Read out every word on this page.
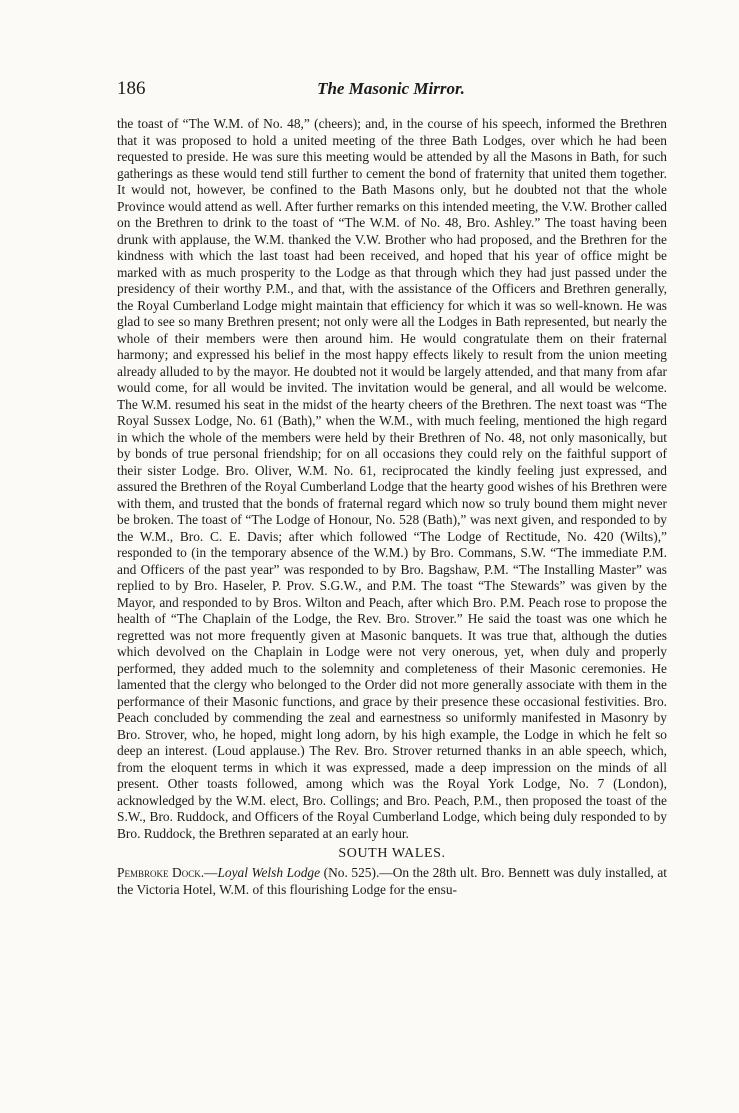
186	The Masonic Mirror.

the toast of “The W.M. of No. 48,” (cheers); and, in the course of his speech, informed the Brethren that it was proposed to hold a united meeting of the three Bath Lodges, over which he had been requested to preside. He was sure this meeting would be attended by all the Masons in Bath, for such gatherings as these would tend still further to cement the bond of fraternity that united them together. It would not, however, be confined to the Bath Masons only, but he doubted not that the whole Province would attend as well. After further remarks on this intended meeting, the V.W. Brother called on the Brethren to drink to the toast of “The W.M. of No. 48, Bro. Ashley.” The toast having been drunk with applause, the W.M. thanked the V.W. Brother who had proposed, and the Brethren for the kindness with which the last toast had been received, and hoped that his year of office might be marked with as much prosperity to the Lodge as that through which they had just passed under the presidency of their worthy P.M., and that, with the assistance of the Officers and Brethren generally, the Royal Cumberland Lodge might maintain that efficiency for which it was so well-known. He was glad to see so many Brethren present; not only were all the Lodges in Bath represented, but nearly the whole of their members were then around him. He would congratulate them on their fraternal harmony; and expressed his belief in the most happy effects likely to result from the union meeting already alluded to by the mayor. He doubted not it would be largely attended, and that many from afar would come, for all would be invited. The invitation would be general, and all would be welcome. The W.M. resumed his seat in the midst of the hearty cheers of the Brethren. The next toast was “The Royal Sussex Lodge, No. 61 (Bath),” when the W.M., with much feeling, mentioned the high regard in which the whole of the members were held by their Brethren of No. 48, not only masonically, but by bonds of true personal friendship; for on all occasions they could rely on the faithful support of their sister Lodge. Bro. Oliver, W.M. No. 61, reciprocated the kindly feeling just expressed, and assured the Brethren of the Royal Cumberland Lodge that the hearty good wishes of his Brethren were with them, and trusted that the bonds of fraternal regard which now so truly bound them might never be broken. The toast of “The Lodge of Honour, No. 528 (Bath),” was next given, and responded to by the W.M., Bro. C. E. Davis; after which followed “The Lodge of Rectitude, No. 420 (Wilts),” responded to (in the temporary absence of the W.M.) by Bro. Commans, S.W. “The immediate P.M. and Officers of the past year” was responded to by Bro. Bagshaw, P.M. “The Installing Master” was replied to by Bro. Haseler, P. Prov. S.G.W., and P.M. The toast “The Stewards” was given by the Mayor, and responded to by Bros. Wilton and Peach, after which Bro. P.M. Peach rose to propose the health of “The Chaplain of the Lodge, the Rev. Bro. Strover.” He said the toast was one which he regretted was not more frequently given at Masonic banquets. It was true that, although the duties which devolved on the Chaplain in Lodge were not very onerous, yet, when duly and properly performed, they added much to the solemnity and completeness of their Masonic ceremonies. He lamented that the clergy who belonged to the Order did not more generally associate with them in the performance of their Masonic functions, and grace by their presence these occasional festivities. Bro. Peach concluded by commending the zeal and earnestness so uniformly manifested in Masonry by Bro. Strover, who, he hoped, might long adorn, by his high example, the Lodge in which he felt so deep an interest. (Loud applause.) The Rev. Bro. Strover returned thanks in an able speech, which, from the eloquent terms in which it was expressed, made a deep impression on the minds of all present. Other toasts followed, among which was the Royal York Lodge, No. 7 (London), acknowledged by the W.M. elect, Bro. Collings; and Bro. Peach, P.M., then proposed the toast of the S.W., Bro. Ruddock, and Officers of the Royal Cumberland Lodge, which being duly responded to by Bro. Ruddock, the Brethren separated at an early hour.

SOUTH WALES.

Pembroke Dock.—Loyal Welsh Lodge (No. 525).—On the 28th ult. Bro. Bennett was duly installed, at the Victoria Hotel, W.M. of this flourishing Lodge for the ensu-
